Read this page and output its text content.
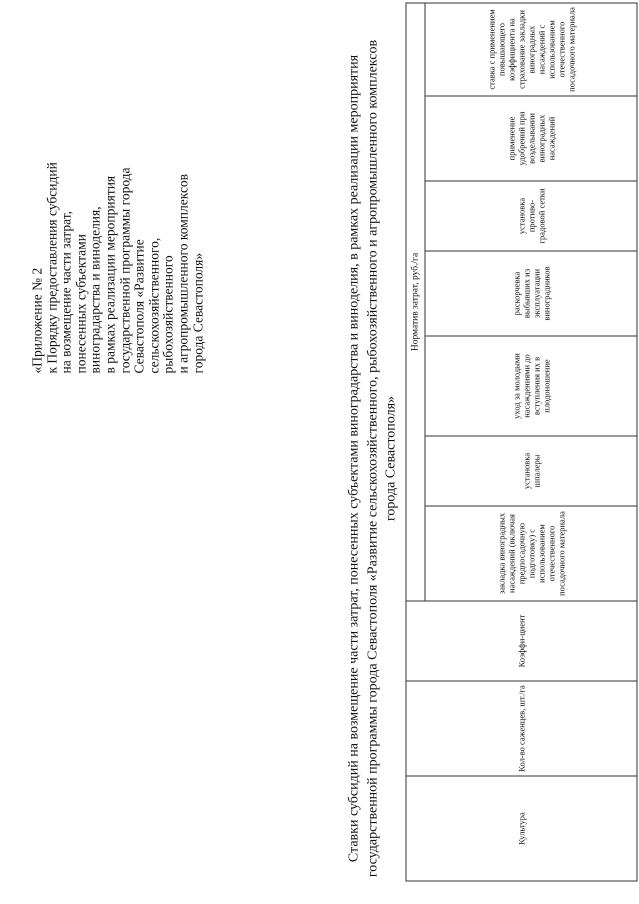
«Приложение № 2
к Порядку предоставления субсидий
на возмещение части затрат,
понесенных субъектами
виноградарства и виноделия,
в рамках реализации мероприятия
государственной программы города
Севастополя «Развитие
сельскохозяйственного,
рыбохозяйственного
и агропромышленного комплексов
города Севастополя»	Ставки субсидий на возмещение части затрат, понесенных субъектами виноградарства и виноделия, в рамках реализации мероприятия государственной программы города Севастополя «Развитие сельскохозяйственного, рыбохозяйственного и агропромышленного комплексов города Севастополя»
Культура	Кол-во саженцев, шт./га	Коэффи-циент	Норматив затрат, руб./га						
			закладка виноградных насаждений (включая предпосадочную подготовку) с использованием отечественного посадочного материала	установка шпалеры	уход за молодыми насаждениями до вступления их в плодоношение	раскорчевка выбывших из эксплуатации виноградников	установка противо-градовой сетки	применение удобрений при возделывании виноградных насаждений	ставка с применением повышающего коэффициента на страхование закладки виноградных насаждений с использованием отечественного посадочного материала
